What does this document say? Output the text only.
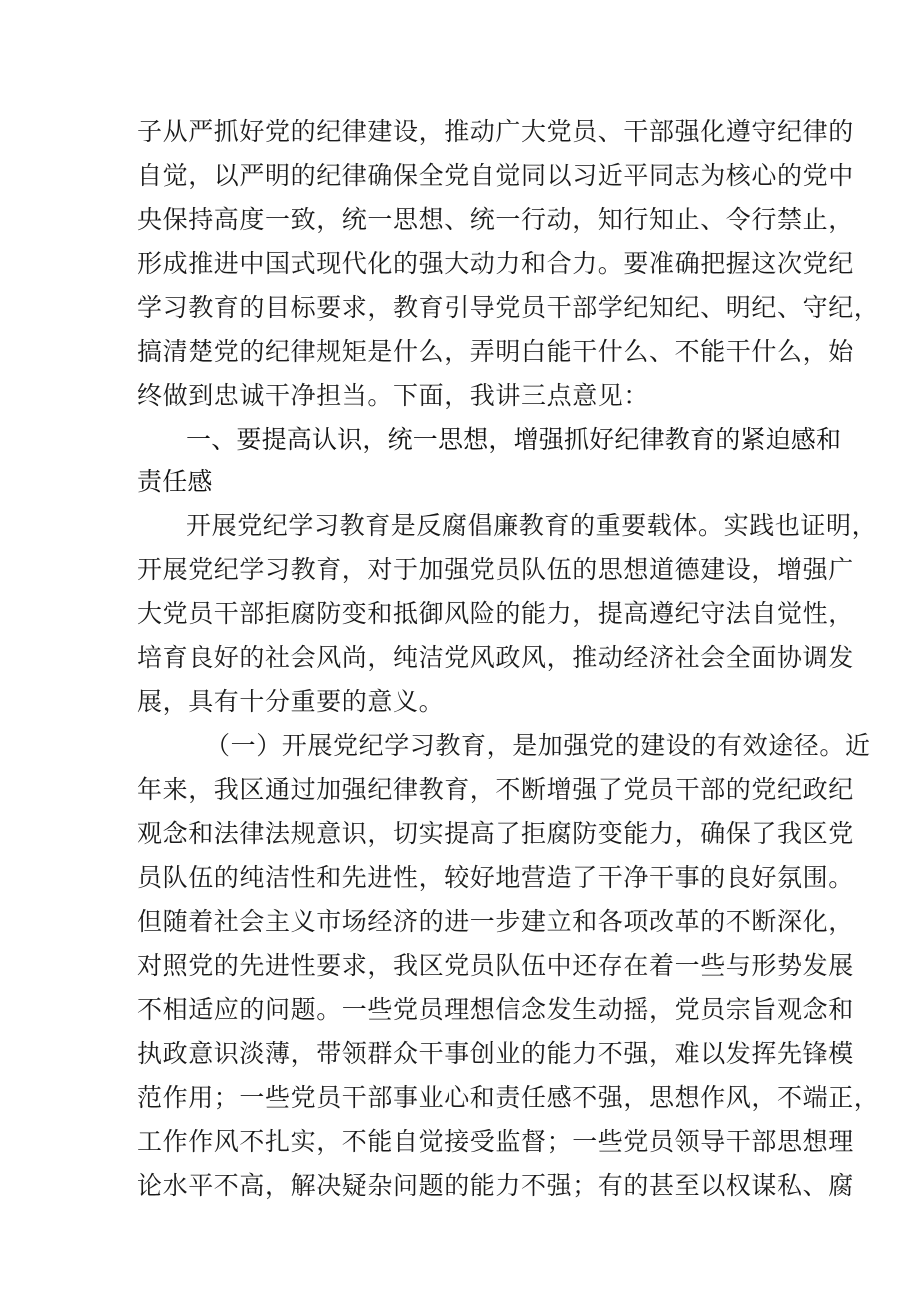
子从严抓好党的纪律建设，推动广大党员、干部强化遵守纪律的
自觉，以严明的纪律确保全党自觉同以习近平同志为核心的党中
央保持高度一致，统一思想、统一行动，知行知止、令行禁止，
形成推进中国式现代化的强大动力和合力。要准确把握这次党纪
学习教育的目标要求，教育引导党员干部学纪知纪、明纪、守纪，
搞清楚党的纪律规矩是什么，弄明白能干什么、不能干什么，始
终做到忠诚干净担当。下面，我讲三点意见：
一、要提高认识，统一思想，增强抓好纪律教育的紧迫感和
责任感
开展党纪学习教育是反腐倡廉教育的重要载体。实践也证明，
开展党纪学习教育，对于加强党员队伍的思想道德建设，增强广
大党员干部拒腐防变和抵御风险的能力，提高遵纪守法自觉性，
培育良好的社会风尚，纯洁党风政风，推动经济社会全面协调发
展，具有十分重要的意义。
（一）开展党纪学习教育，是加强党的建设的有效途径。近
年来，我区通过加强纪律教育，不断增强了党员干部的党纪政纪
观念和法律法规意识，切实提高了拒腐防变能力，确保了我区党
员队伍的纯洁性和先进性，较好地营造了干净干事的良好氛围。
但随着社会主义市场经济的进一步建立和各项改革的不断深化，
对照党的先进性要求，我区党员队伍中还存在着一些与形势发展
不相适应的问题。一些党员理想信念发生动摇，党员宗旨观念和
执政意识淡薄，带领群众干事创业的能力不强，难以发挥先锋模
范作用；一些党员干部事业心和责任感不强，思想作风，不端正，
工作作风不扎实，不能自觉接受监督；一些党员领导干部思想理
论水平不高，解决疑杂问题的能力不强；有的甚至以权谋私、腐
